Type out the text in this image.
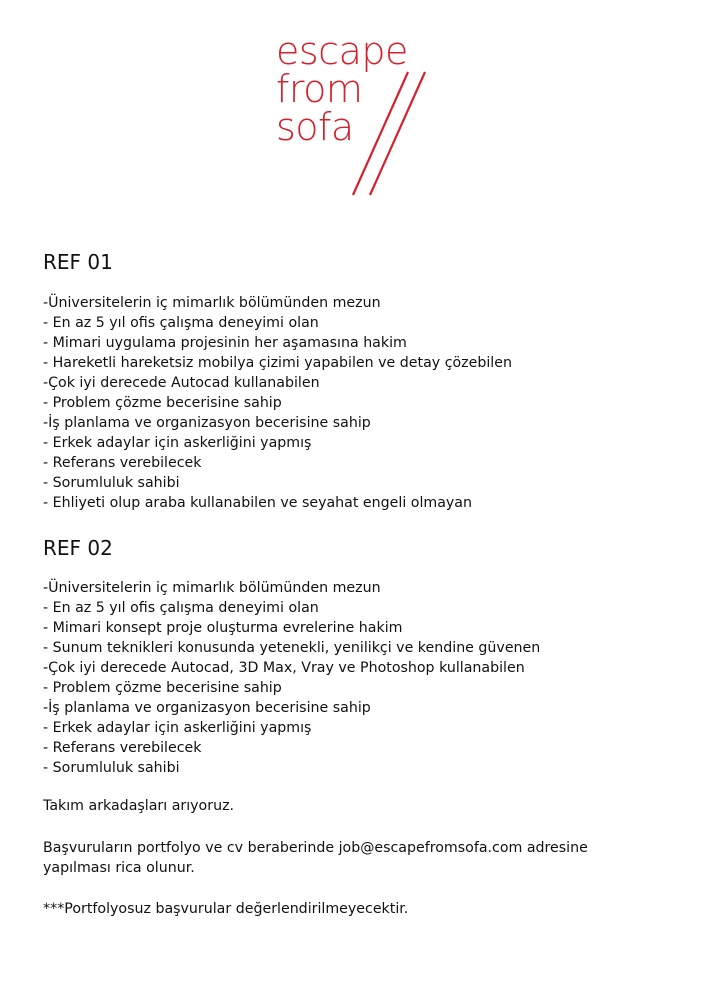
escape
from
sofa
REF 01
-Üniversitelerin iç mimarlık bölümünden mezun
- En az 5 yıl ofis çalışma deneyimi olan
- Mimari uygulama projesinin her aşamasına hakim
- Hareketli hareketsiz mobilya çizimi yapabilen ve detay çözebilen
-Çok iyi derecede Autocad kullanabilen
- Problem çözme becerisine sahip
-İş planlama ve organizasyon becerisine sahip
- Erkek adaylar için askerliğini yapmış
- Referans verebilecek
- Sorumluluk sahibi
- Ehliyeti olup araba kullanabilen ve seyahat engeli olmayan
REF 02
-Üniversitelerin iç mimarlık bölümünden mezun
- En az 5 yıl ofis çalışma deneyimi olan
- Mimari konsept proje oluşturma evrelerine hakim
- Sunum teknikleri konusunda yetenekli, yenilikçi ve kendine güvenen
-Çok iyi derecede Autocad, 3D Max, Vray ve Photoshop kullanabilen
- Problem çözme becerisine sahip
-İş planlama ve organizasyon becerisine sahip
- Erkek adaylar için askerliğini yapmış
- Referans verebilecek
- Sorumluluk sahibi

Takım arkadaşları arıyoruz.

Başvuruların portfolyo ve cv beraberinde job@escapefromsofa.com adresine

yapılması rica olunur.

***Portfolyosuz başvurular değerlendirilmeyecektir.
